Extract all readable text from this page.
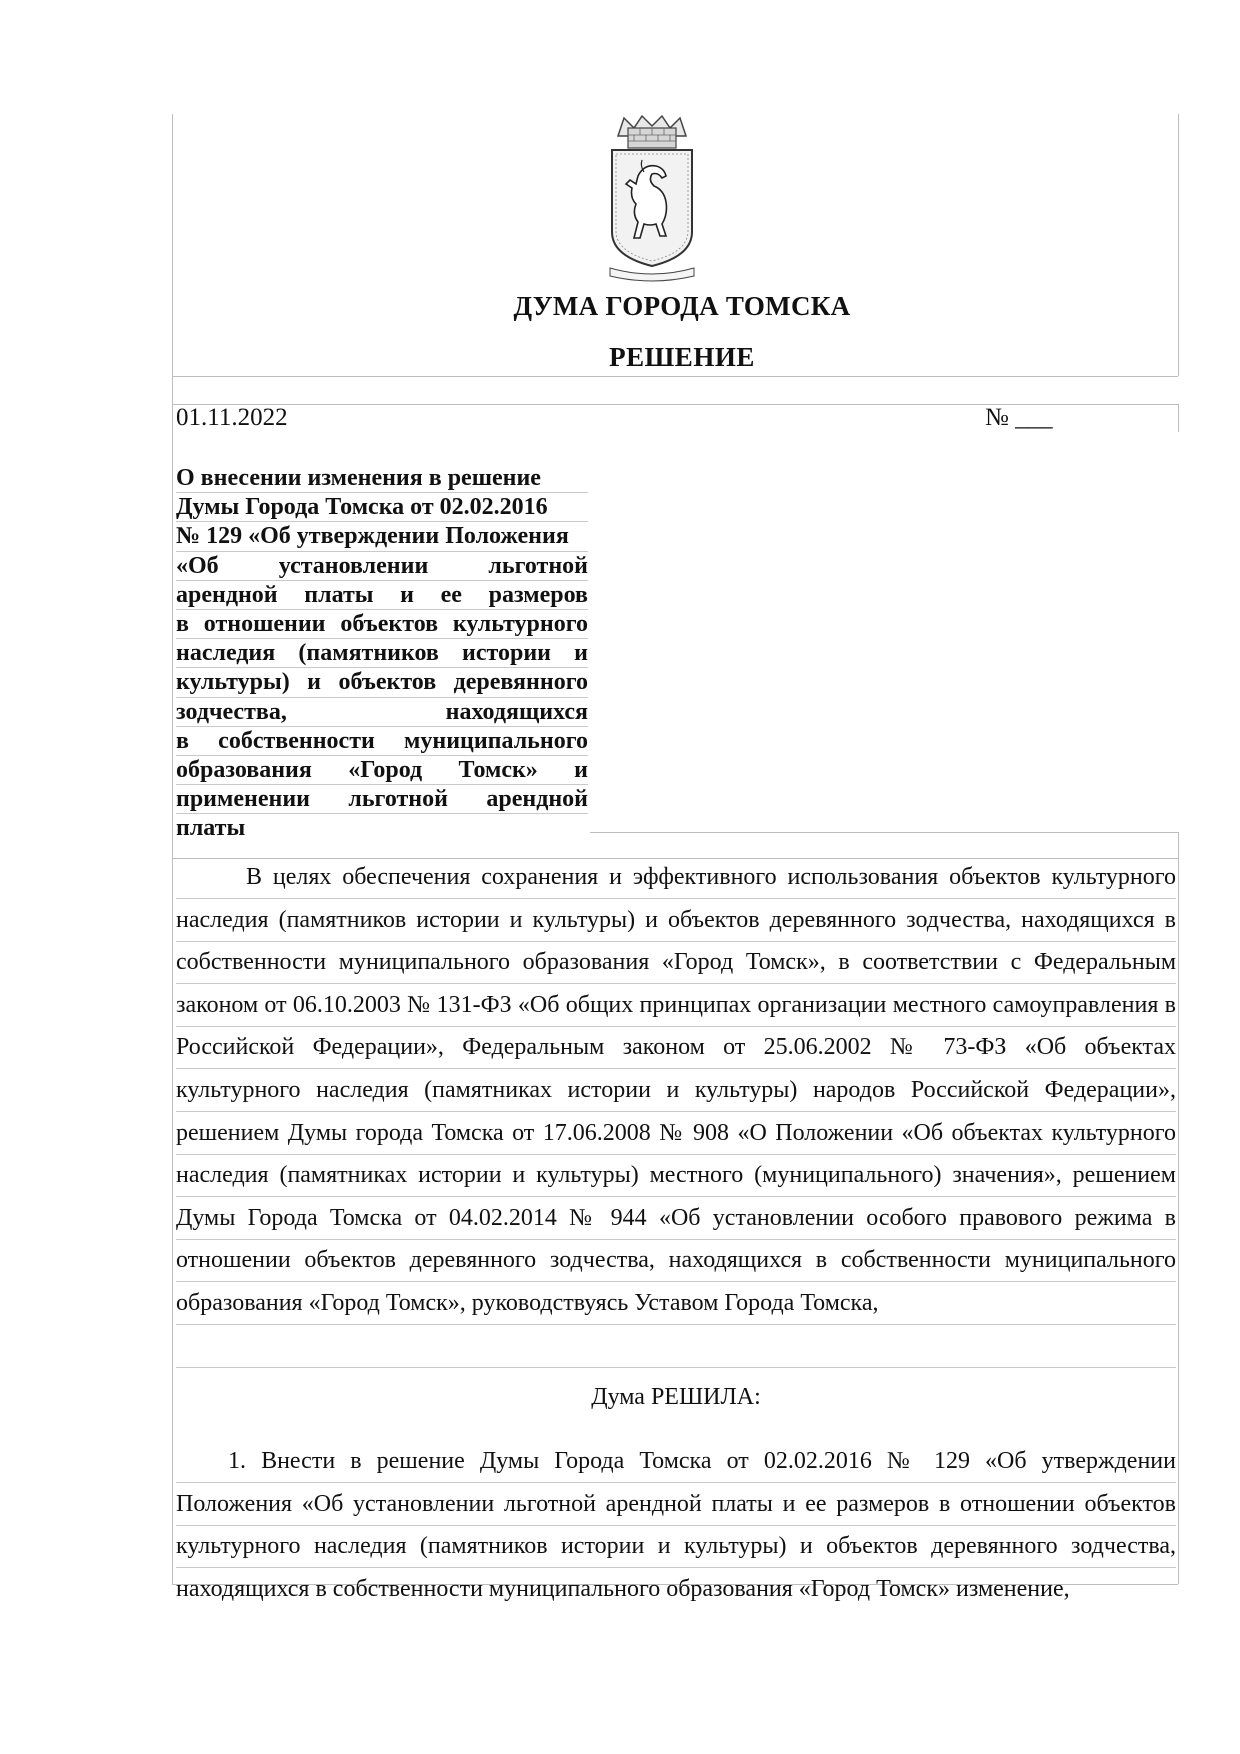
ДУМА ГОРОДА ТОМСКА
РЕШЕНИЕ
01.11.2022	№ ___
О внесении изменения в решение
Думы Города Томска от 02.02.2016
№ 129 «Об утверждении Положения
«Об установлении льготной
арендной платы и ее размеров
в отношении объектов культурного
наследия (памятников истории и
культуры) и объектов деревянного
зодчества, находящихся
в собственности муниципального
образования «Город Томск» и
применении льготной арендной
платы
В целях обеспечения сохранения и эффективного использования объектов культурного наследия (памятников истории и культуры) и объектов деревянного зодчества, находящихся в собственности муниципального образования «Город Томск», в соответствии с Федеральным законом от 06.10.2003 № 131-ФЗ «Об общих принципах организации местного самоуправления в Российской Федерации», Федеральным законом от 25.06.2002 № 73-ФЗ «Об объектах культурного наследия (памятниках истории и культуры) народов Российской Федерации», решением Думы города Томска от 17.06.2008 № 908 «О Положении «Об объектах культурного наследия (памятниках истории и культуры) местного (муниципального) значения», решением Думы Города Томска от 04.02.2014 № 944 «Об установлении особого правового режима в отношении объектов деревянного зодчества, находящихся в собственности муниципального образования «Город Томск», руководствуясь Уставом Города Томска,
Дума РЕШИЛА:
1. Внести в решение Думы Города Томска от 02.02.2016 № 129 «Об утверждении Положения «Об установлении льготной арендной платы и ее размеров в отношении объектов культурного наследия (памятников истории и культуры) и объектов деревянного зодчества, находящихся в собственности муниципального образования «Город Томск» изменение,
